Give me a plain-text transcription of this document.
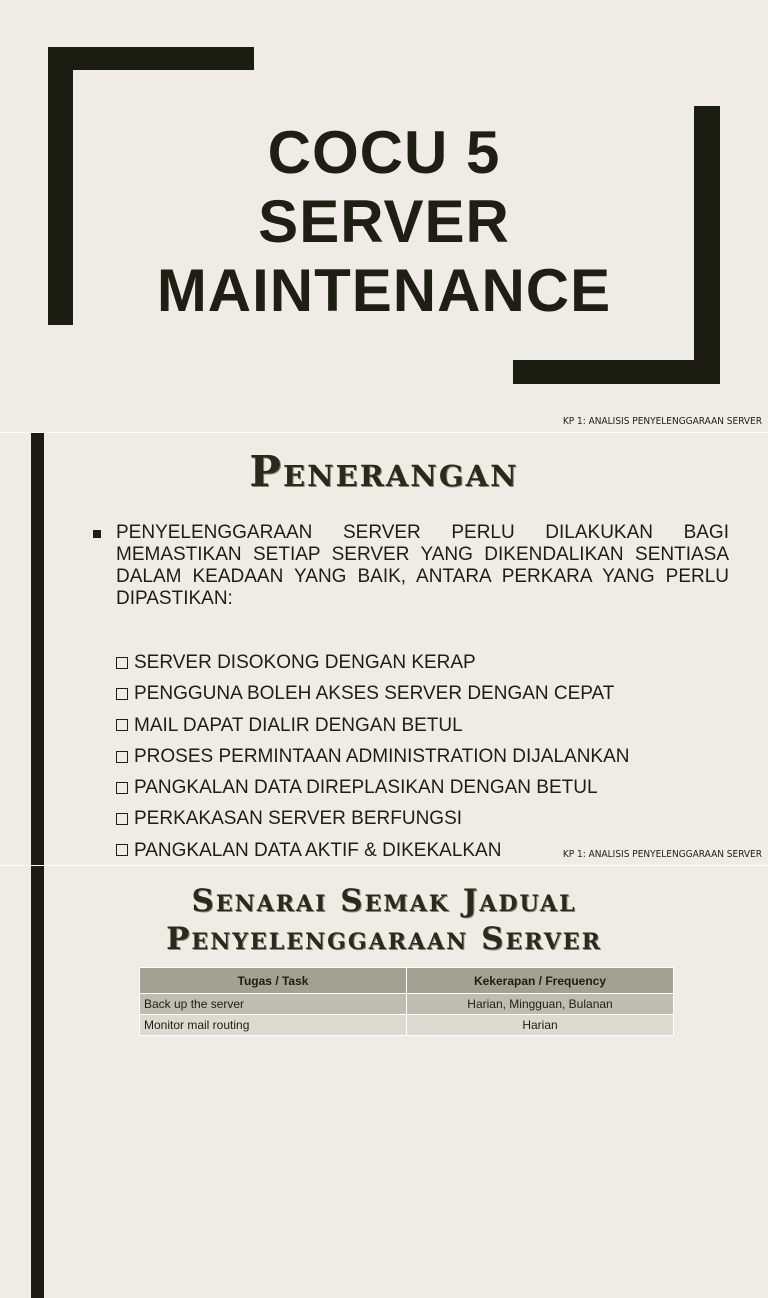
COCU 5
SERVER
MAINTENANCE
KP 1: ANALISIS PENYELENGGARAAN SERVER
Penerangan
PENYELENGGARAAN SERVER PERLU DILAKUKAN BAGI MEMASTIKAN SETIAP SERVER YANG DIKENDALIKAN SENTIASA DALAM KEADAAN YANG BAIK, ANTARA PERKARA YANG PERLU DIPASTIKAN:
SERVER DISOKONG DENGAN KERAP
PENGGUNA BOLEH AKSES SERVER DENGAN CEPAT
MAIL DAPAT DIALIR DENGAN BETUL
PROSES PERMINTAAN ADMINISTRATION DIJALANKAN
PANGKALAN DATA DIREPLASIKAN DENGAN BETUL
PERKAKASAN SERVER BERFUNGSI
PANGKALAN DATA AKTIF & DIKEKALKAN	KP 1: ANALISIS PENYELENGGARAAN SERVER
Senarai Semak Jadual
Penyelenggaraan Server
Tugas / Task	Kekerapan / Frequency
Back up the server	Harian, Mingguan, Bulanan
Monitor mail routing	Harian
